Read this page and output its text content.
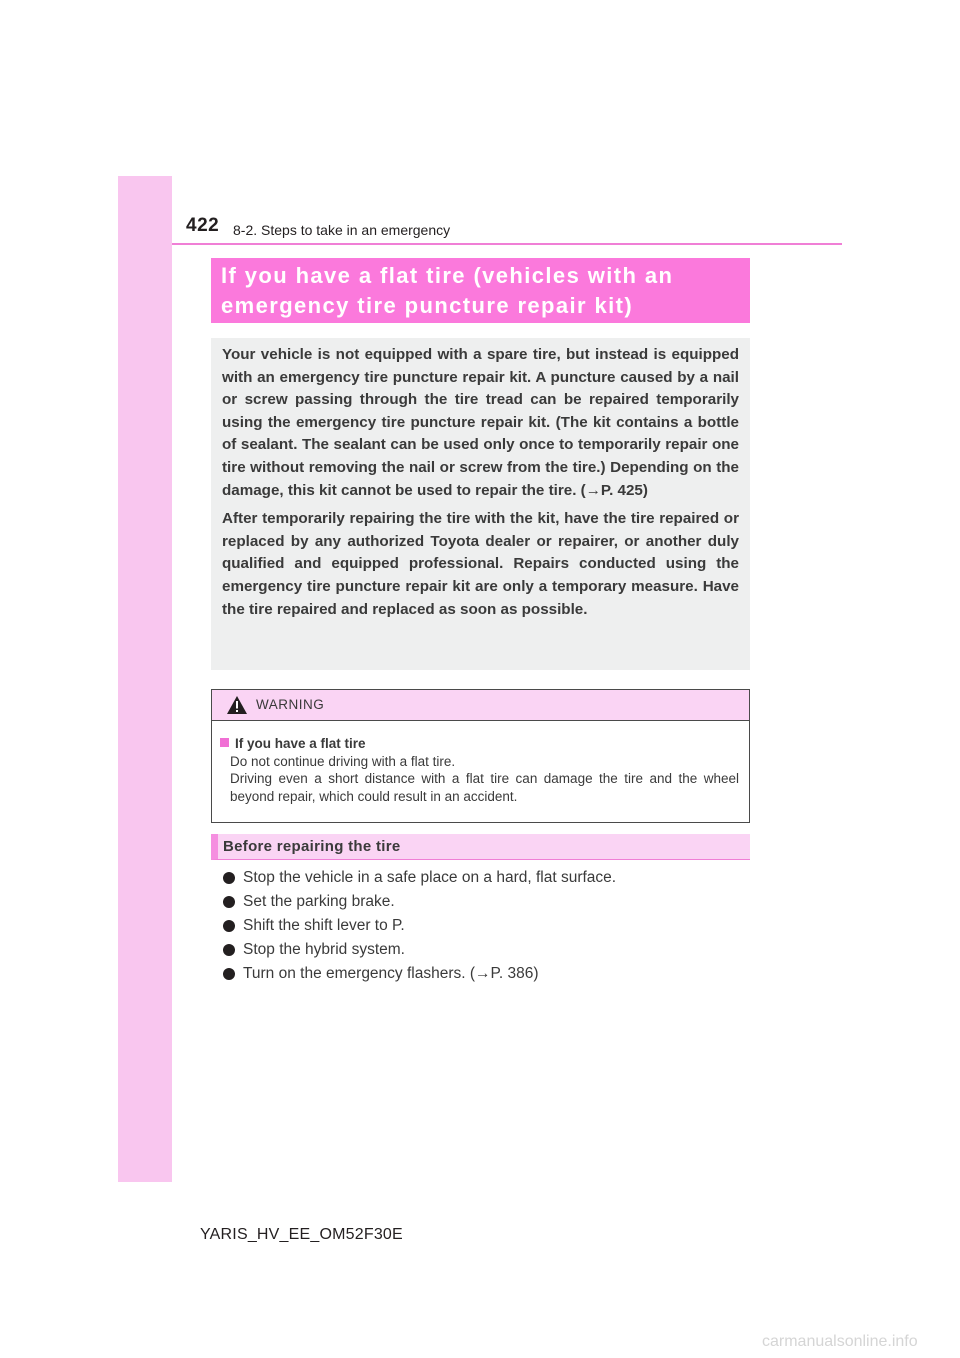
422 8-2. Steps to take in an emergency
If you have a flat tire (vehicles with an
emergency tire puncture repair kit)

Your vehicle is not equipped with a spare tire, but instead is equipped with an emergency tire puncture repair kit. A puncture caused by a nail or screw passing through the tire tread can be repaired temporarily using the emergency tire puncture repair kit. (The kit contains a bottle of sealant. The sealant can be used only once to temporarily repair one tire without removing the nail or screw from the tire.) Depending on the damage, this kit cannot be used to repair the tire. (→P. 425)

After temporarily repairing the tire with the kit, have the tire repaired or replaced by any authorized Toyota dealer or repairer, or another duly qualified and equipped professional. Repairs conducted using the emergency tire puncture repair kit are only a temporary measure. Have the tire repaired and replaced as soon as possible.

WARNING
If you have a flat tire

Do not continue driving with a flat tire.

Driving even a short distance with a flat tire can damage the tire and the wheel beyond repair, which could result in an accident.

Before repairing the tire
Stop the vehicle in a safe place on a hard, flat surface.
Set the parking brake.
Shift the shift lever to P.
Stop the hybrid system.
Turn on the emergency flashers. (→P. 386)
YARIS_HV_EE_OM52F30E
carmanualsonline.info
